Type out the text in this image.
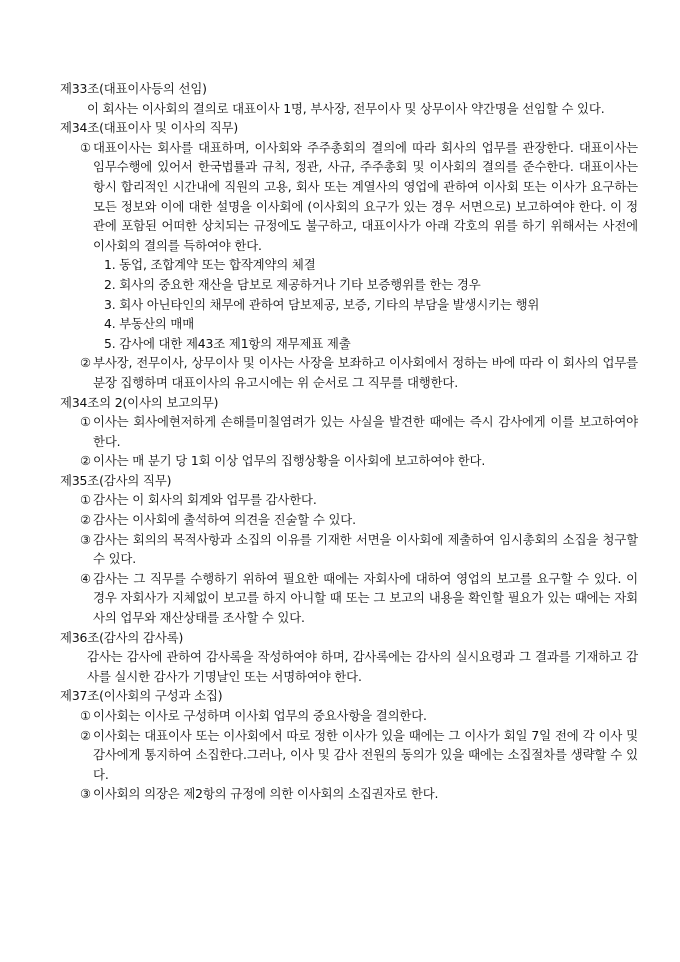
제33조(대표이사등의 선임)
이 회사는 이사회의 결의로 대표이사 1명, 부사장, 전무이사 및 상무이사 약간명을 선임할 수 있다.
제34조(대표이사 및 이사의 직무)
① 대표이사는 회사를 대표하며, 이사회와 주주총회의 결의에 따라 회사의 업무를 관장한다. 대표이사는 임무수행에 있어서 한국법률과 규칙, 정관, 사규, 주주총회 및 이사회의 결의를 준수한다. 대표이사는 항시 합리적인 시간내에 직원의 고용, 회사 또는 계열사의 영업에 관하여 이사회 또는 이사가 요구하는 모든 정보와 이에 대한 설명을 이사회에 (이사회의 요구가 있는 경우 서면으로) 보고하여야 한다. 이 정관에 포함된 어떠한 상치되는 규정에도 불구하고, 대표이사가 아래 각호의 위를 하기 위해서는 사전에 이사회의 결의를 득하여야 한다.
1. 동업, 조합계약 또는 합작계약의 체결
2. 회사의 중요한 재산을 담보로 제공하거나 기타 보증행위를 한는 경우
3. 회사 아닌타인의 채무에 관하여 담보제공, 보증, 기타의 부담을 발생시키는 행위
4. 부동산의 매매
5. 감사에 대한 제43조 제1항의 재무제표 제출
② 부사장, 전무이사, 상무이사 및 이사는 사장을 보좌하고 이사회에서 정하는 바에 따라 이 회사의 업무를 분장 집행하며 대표이사의 유고시에는 위 순서로 그 직무를 대행한다.
제34조의 2(이사의 보고의무)
① 이사는 회사에현저하게 손해를미칠염려가 있는 사실을 발견한 때에는 즉시 감사에게 이를 보고하여야 한다.
② 이사는 매 분기 당 1회 이상 업무의 집행상황을 이사회에 보고하여야 한다.
제35조(감사의 직무)
① 감사는 이 회사의 회계와 업무를 감사한다.
② 감사는 이사회에 출석하여 의견을 진술할 수 있다.
③ 감사는 회의의 목적사항과 소집의 이유를 기재한 서면을 이사회에 제출하여 임시총회의 소집을 청구할 수 있다.
④ 감사는 그 직무를 수행하기 위하여 필요한 때에는 자회사에 대하여 영업의 보고를 요구할 수 있다. 이 경우 자회사가 지체없이 보고를 하지 아니할 때 또는 그 보고의 내용을 확인할 필요가 있는 때에는 자회사의 업무와 재산상태를 조사할 수 있다.
제36조(감사의 감사록)
감사는 감사에 관하여 감사록을 작성하여야 하며, 감사록에는 감사의 실시요령과 그 결과를 기재하고 감사를 실시한 감사가 기명날인 또는 서명하여야 한다.
제37조(이사회의 구성과 소집)
① 이사회는 이사로 구성하며 이사회 업무의 중요사항을 결의한다.
② 이사회는 대표이사 또는 이사회에서 따로 정한 이사가 있을 때에는 그 이사가 회일 7일 전에 각 이사 및 감사에게 통지하여 소집한다.그러나, 이사 및 감사 전원의 동의가 있을 때에는 소집절차를 생략할 수 있다.
③ 이사회의 의장은 제2항의 규정에 의한 이사회의 소집권자로 한다.
